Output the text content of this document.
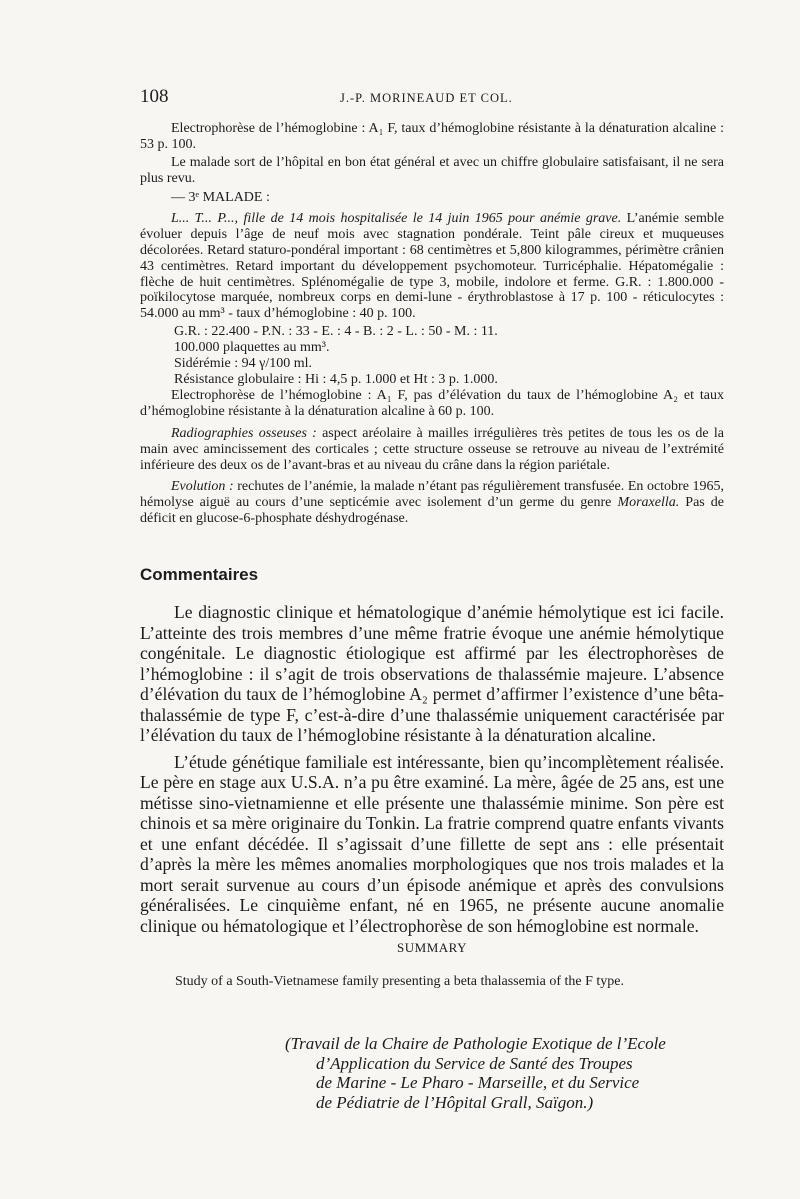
108	J.-P. MORINEAUD ET COL.

Electrophorèse de l’hémoglobine : A₁ F, taux d’hémoglobine résistante à la dénaturation alcaline : 53 p. 100.

Le malade sort de l’hôpital en bon état général et avec un chiffre globulaire satisfaisant, il ne sera plus revu.

— 3ᵉ MALADE :

L... T... P..., fille de 14 mois hospitalisée le 14 juin 1965 pour anémie grave. L’anémie semble évoluer depuis l’âge de neuf mois avec stagnation pondérale. Teint pâle cireux et muqueuses décolorées. Retard staturo-pondéral important : 68 centimètres et 5,800 kilogrammes, périmètre crânien 43 centimètres. Retard important du développement psychomoteur. Turricéphalie. Hépatomégalie : flèche de huit centimètres. Splénomégalie de type 3, mobile, indolore et ferme. G.R. : 1.800.000 - poïkilocytose marquée, nombreux corps en demi-lune - érythroblastose à 17 p. 100 - réticulocytes : 54.000 au mm³ - taux d’hémoglobine : 40 p. 100.

G.R. : 22.400 - P.N. : 33 - E. : 4 - B. : 2 - L. : 50 - M. : 11.

100.000 plaquettes au mm³.

Sidérémie : 94 γ/100 ml.

Résistance globulaire : Hi : 4,5 p. 1.000 et Ht : 3 p. 1.000.

Electrophorèse de l’hémoglobine : A₁ F, pas d’élévation du taux de l’hémoglobine A₂ et taux d’hémoglobine résistante à la dénaturation alcaline à 60 p. 100.

Radiographies osseuses : aspect aréolaire à mailles irrégulières très petites de tous les os de la main avec amincissement des corticales ; cette structure osseuse se retrouve au niveau de l’extrémité inférieure des deux os de l’avant-bras et au niveau du crâne dans la région pariétale.

Evolution : rechutes de l’anémie, la malade n’étant pas régulièrement transfusée. En octobre 1965, hémolyse aiguë au cours d’une septicémie avec isolement d’un germe du genre Moraxella. Pas de déficit en glucose-6-phosphate déshydrogénase.

Commentaires

Le diagnostic clinique et hématologique d’anémie hémolytique est ici facile. L’atteinte des trois membres d’une même fratrie évoque une anémie hémolytique congénitale. Le diagnostic étiologique est affirmé par les électrophorèses de l’hémoglobine : il s’agit de trois observations de thalassémie majeure. L’absence d’élévation du taux de l’hémoglobine A₂ permet d’affirmer l’existence d’une bêta-thalassémie de type F, c’est-à-dire d’une thalassémie uniquement caractérisée par l’élévation du taux de l’hémoglobine résistante à la dénaturation alcaline.

L’étude génétique familiale est intéressante, bien qu’incomplètement réalisée. Le père en stage aux U.S.A. n’a pu être examiné. La mère, âgée de 25 ans, est une métisse sino-vietnamienne et elle présente une thalassémie minime. Son père est chinois et sa mère originaire du Tonkin. La fratrie comprend quatre enfants vivants et une enfant décédée. Il s’agissait d’une fillette de sept ans : elle présentait d’après la mère les mêmes anomalies morphologiques que nos trois malades et la mort serait survenue au cours d’un épisode anémique et après des convulsions généralisées. Le cinquième enfant, né en 1965, ne présente aucune anomalie clinique ou hématologique et l’électrophorèse de son hémoglobine est normale.

SUMMARY
Study of a South-Vietnamese family presenting a beta thalassemia of the F type.
(Travail de la Chaire de Pathologie Exotique de l’Ecole
d’Application du Service de Santé des Troupes
de Marine - Le Pharo - Marseille, et du Service
de Pédiatrie de l’Hôpital Grall, Saïgon.)
